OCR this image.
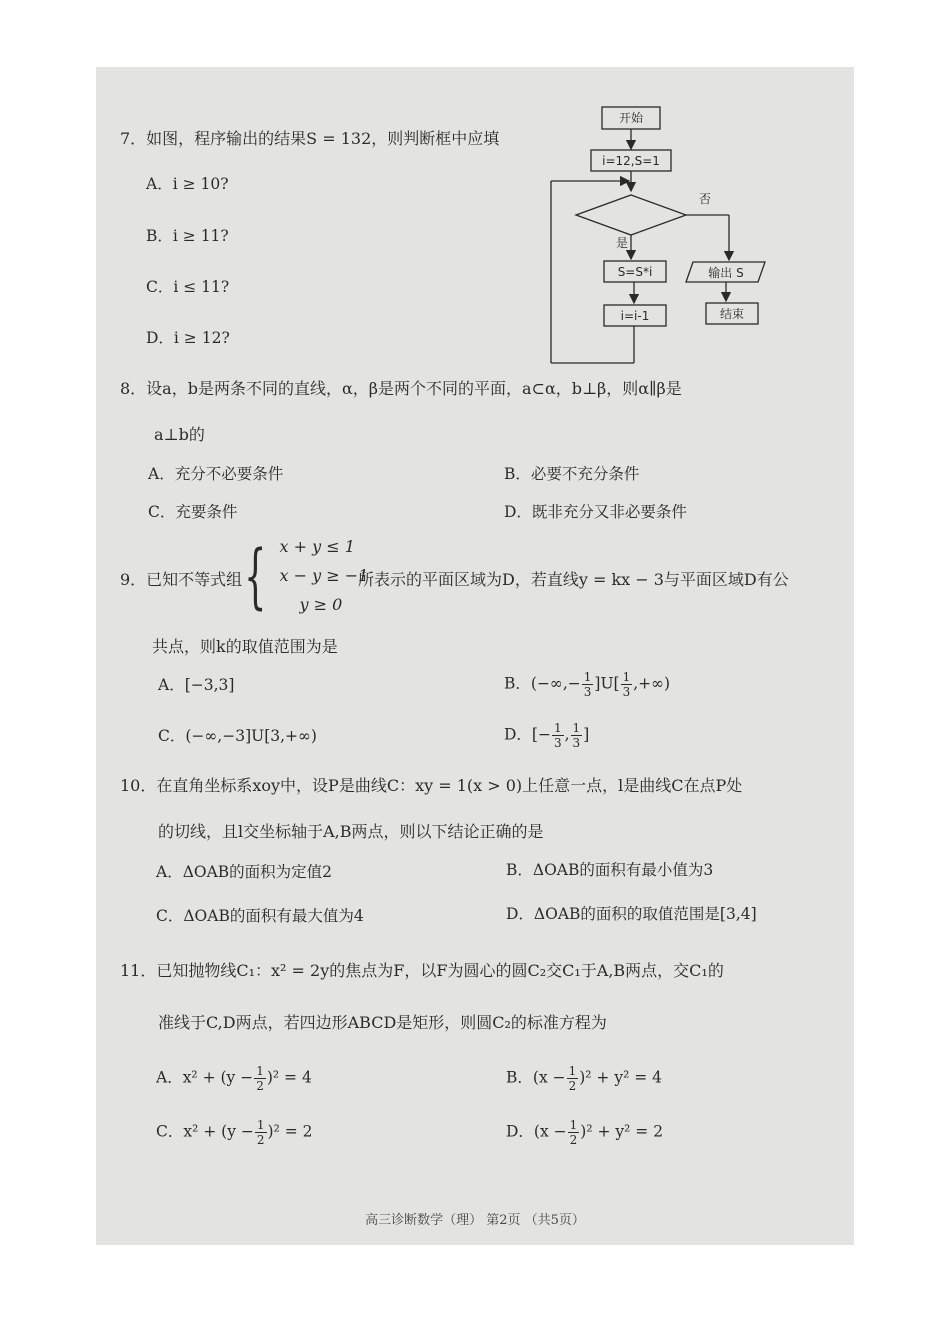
7．如图，程序输出的结果S = 132，则判断框中应填
A．i ≥ 10?
B．i ≥ 11?
C．i ≤ 11?
D．i ≥ 12?
开始
i=12,S=1
否
是
S=S*i
i=i-1
输出 S
结束
8．设a，b是两条不同的直线，α，β是两个不同的平面，a⊂α，b⊥β，则α∥β是
a⊥b的
A．充分不必要条件	B．必要不充分条件
C．充要条件	D．既非充分又非必要条件
9．已知不等式组 { x + y ≤ 1
x − y ≥ −1
y ≥ 0
所表示的平面区域为D，若直线y = kx − 3与平面区域D有公
共点，则k的取值范围为是
A．[−3,3]	B．(−∞,− $\frac{1}{3} ]U[ \frac{1}{3}$ ,+∞)
C．(−∞,−3]U[3,+∞)	D．[− $\frac{1}{3}$ , $\frac{1}{3}$ ]
10．在直角坐标系xoy中，设P是曲线C：xy = 1(x > 0)上任意一点，l是曲线C在点P处
的切线，且l交坐标轴于A,B两点，则以下结论正确的是
A．ΔOAB的面积为定值2	B．ΔOAB的面积有最小值为3
C．ΔOAB的面积有最大值为4	D．ΔOAB的面积的取值范围是[3,4]
11．已知抛物线C₁：x² = 2y的焦点为F，以F为圆心的圆C₂交C₁于A,B两点，交C₁的
准线于C,D两点，若四边形ABCD是矩形，则圆C₂的标准方程为
A．$x^2 + (y - \frac{1}{2} )^2 = 4$	B．$(x - \frac{1}{2} )^2 + y^2 = 4$
C．$x^2 + (y - \frac{1}{2} )^2 = 2$	D．$(x - \frac{1}{2} )^2 + y^2 = 2$
高三诊断数学（理） 第2页 （共5页）
